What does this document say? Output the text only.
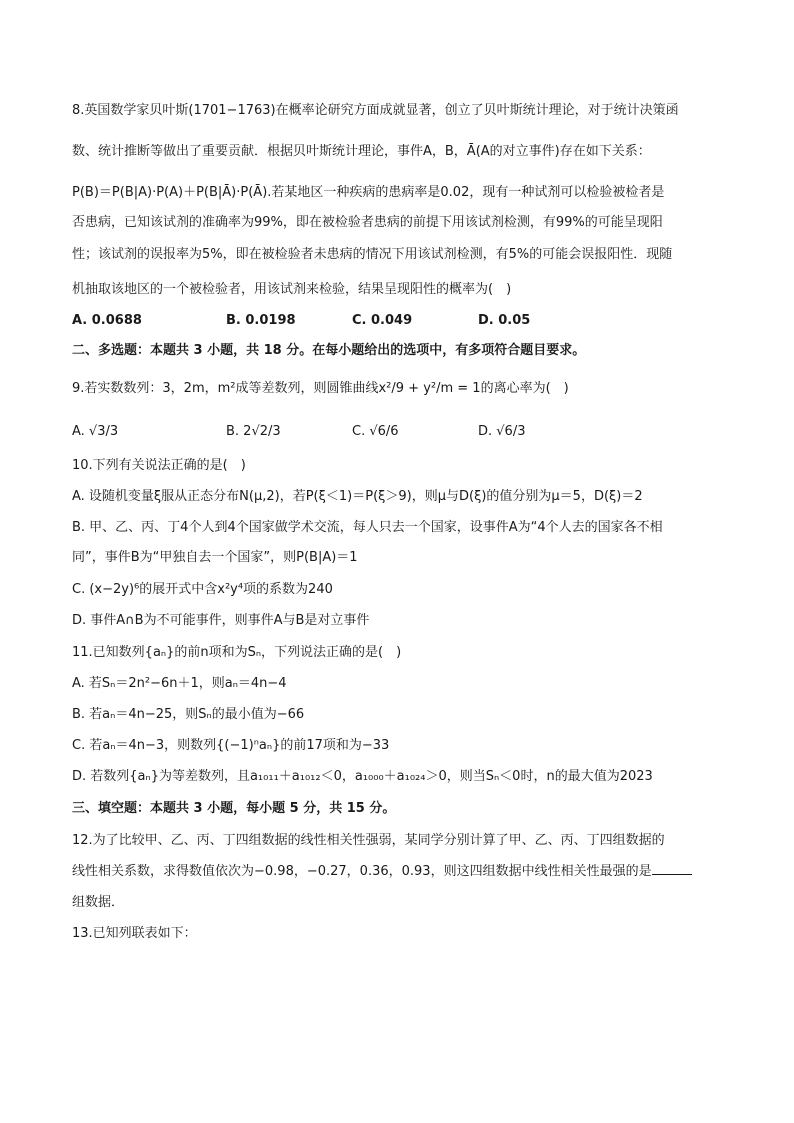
8.英国数学家贝叶斯(1701−1763)在概率论研究方面成就显著，创立了贝叶斯统计理论，对于统计决策函
数、统计推断等做出了重要贡献．根据贝叶斯统计理论，事件A，B，Ā(A的对立事件)存在如下关系：
P(B)＝P(B|A)·P(A)＋P(B|Ā)·P(Ā).若某地区一种疾病的患病率是0.02，现有一种试剂可以检验被检者是
否患病，已知该试剂的准确率为99%，即在被检验者患病的前提下用该试剂检测，有99%的可能呈现阳
性；该试剂的误报率为5%，即在被检验者未患病的情况下用该试剂检测，有5%的可能会误报阳性．现随
机抽取该地区的一个被检验者，用该试剂来检验，结果呈现阳性的概率为(　)
A. 0.0688	B. 0.0198	C. 0.049	D. 0.05
二、多选题：本题共 3 小题，共 18 分。在每小题给出的选项中，有多项符合题目要求。
9.若实数数列：3，2m，m²成等差数列，则圆锥曲线x²/9 + y²/m = 1的离心率为(　)
A. √3/3	B. 2√2/3	C. √6/6	D. √6/3
10.下列有关说法正确的是(　)
A. 设随机变量ξ服从正态分布N(μ,2)，若P(ξ＜1)＝P(ξ＞9)，则μ与D(ξ)的值分别为μ＝5，D(ξ)＝2
B. 甲、乙、丙、丁4个人到4个国家做学术交流，每人只去一个国家，设事件A为“4个人去的国家各不相
同”，事件B为“甲独自去一个国家”，则P(B|A)＝1
C. (x−2y)⁶的展开式中含x²y⁴项的系数为240
D. 事件A∩B为不可能事件，则事件A与B是对立事件
11.已知数列{aₙ}的前n项和为Sₙ，下列说法正确的是(　)
A. 若Sₙ＝2n²−6n＋1，则aₙ＝4n−4
B. 若aₙ＝4n−25，则Sₙ的最小值为−66
C. 若aₙ＝4n−3，则数列{(−1)ⁿaₙ}的前17项和为−33
D. 若数列{aₙ}为等差数列，且a₁₀₁₁＋a₁₀₁₂＜0，a₁₀₀₀＋a₁₀₂₄＞0，则当Sₙ＜0时，n的最大值为2023
三、填空题：本题共 3 小题，每小题 5 分，共 15 分。
12.为了比较甲、乙、丙、丁四组数据的线性相关性强弱，某同学分别计算了甲、乙、丙、丁四组数据的
线性相关系数，求得数值依次为−0.98，−0.27，0.36，0.93，则这四组数据中线性相关性最强的是
组数据．
13.已知列联表如下：
